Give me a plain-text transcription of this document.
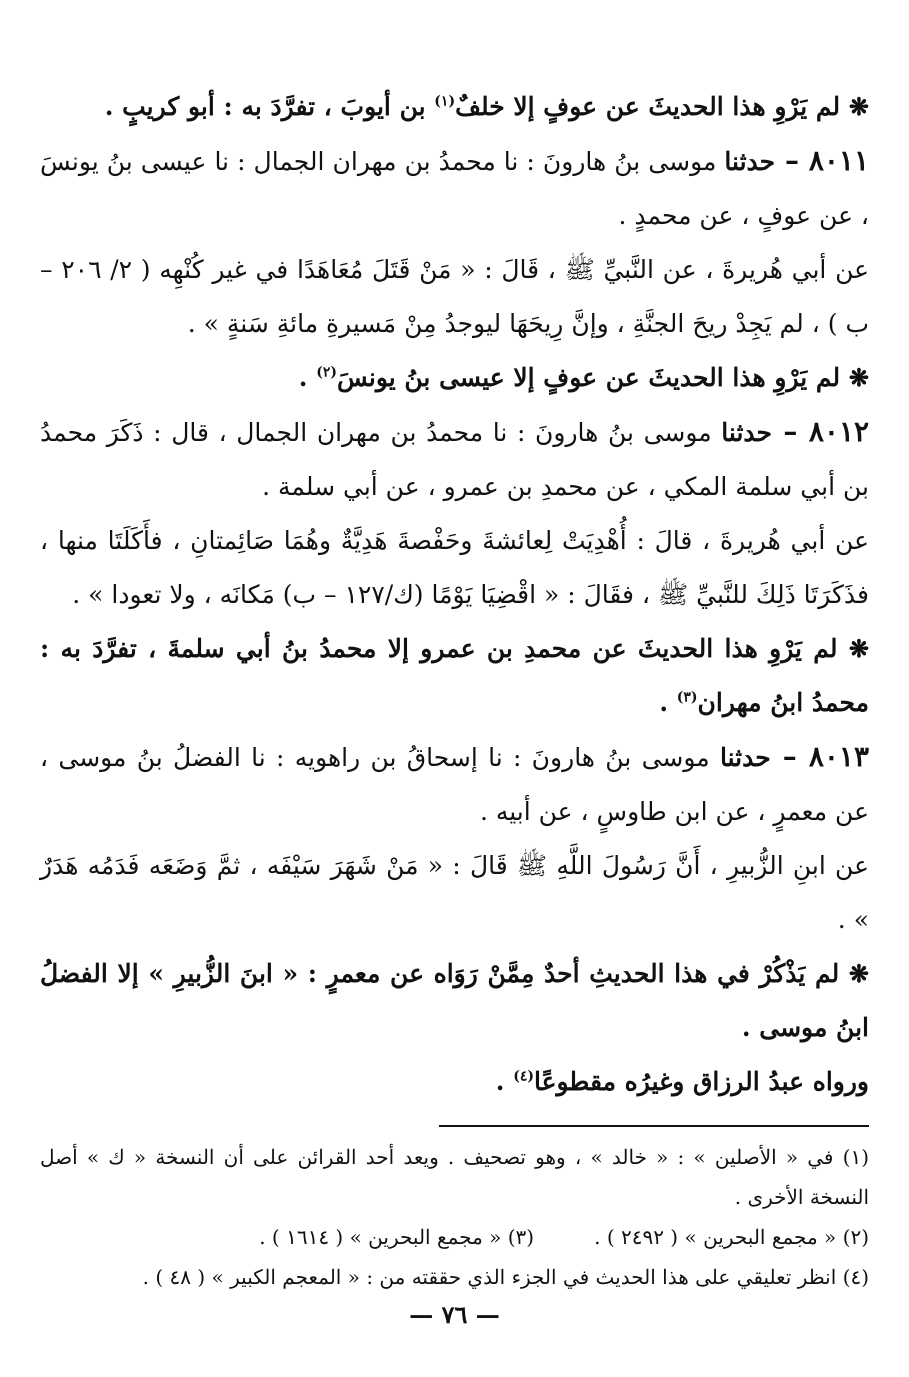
❋ لم يَرْوِ هذا الحديثَ عن عوفٍ إلا خلفٌ$^{(١)}$ بن أيوبَ ، تفرَّدَ به : أبو كريبٍ .

٨٠١١ – حدثنا موسى بنُ هارونَ : نا محمدُ بن مهران الجمال : نا عيسى بنُ يونسَ ، عن عوفٍ ، عن محمدٍ .

عن أبي هُريرةَ ، عن النَّبيِّ ﷺ ، قَالَ : « مَنْ قَتَلَ مُعَاهَدًا في غير كُنْهِه ( ٢/ ٢٠٦ – ب ) ، لم يَجِدْ ريحَ الجنَّةِ ، وإنَّ رِيحَهَا ليوجدُ مِنْ مَسيرةِ مائةِ سَنةٍ » .

❋ لم يَرْوِ هذا الحديثَ عن عوفٍ إلا عيسى بنُ يونسَ$^{(٢)}$ .

٨٠١٢ – حدثنا موسى بنُ هارونَ : نا محمدُ بن مهران الجمال ، قال : ذَكَرَ محمدُ بن أبي سلمة المكي ، عن محمدِ بن عمرو ، عن أبي سلمة .

عن أبي هُريرةَ ، قالَ : أُهْدِيَتْ لِعائشةَ وحَفْصةَ هَدِيَّةٌ وهُمَا صَائِمتانِ ، فأَكَلَتَا منها ، فذَكَرَتَا ذَلِكَ للنَّبيِّ ﷺ ، فقَالَ : « اقْضِيَا يَوْمًا (ك/١٢٧ – ب) مَكانَه ، ولا تعودا » .

❋ لم يَرْوِ هذا الحديثَ عن محمدِ بن عمرو إلا محمدُ بنُ أبي سلمةَ ، تفرَّدَ به : محمدُ ابنُ مهران$^{(٣)}$ .

٨٠١٣ – حدثنا موسى بنُ هارونَ : نا إسحاقُ بن راهويه : نا الفضلُ بنُ موسى ، عن معمرٍ ، عن ابن طاوسٍ ، عن أبيه .

عن ابنِ الزُّبيرِ ، أَنَّ رَسُولَ اللَّهِ ﷺ قَالَ : « مَنْ شَهَرَ سَيْفَه ، ثمَّ وَضَعَه فَدَمُه هَدَرٌ » .

❋ لم يَذْكُرْ في هذا الحديثِ أحدٌ مِمَّنْ رَوَاه عن معمرٍ : « ابنَ الزُّبيرِ » إلا الفضلُ ابنُ موسى .

ورواه عبدُ الرزاق وغيرُه مقطوعًا$^{(٤)}$ .

(١) في « الأصلين » : « خالد » ، وهو تصحيف . ويعد أحد القرائن على أن النسخة « ك » أصل النسخة الأخرى .

(٢) « مجمع البحرين » ( ٢٤٩٢ ) .
(٣) « مجمع البحرين » ( ١٦١٤ ) .

(٤) انظر تعليقي على هذا الحديث في الجزء الذي حققته من : « المعجم الكبير » ( ٤٨ ) .

— ٧٦ —
